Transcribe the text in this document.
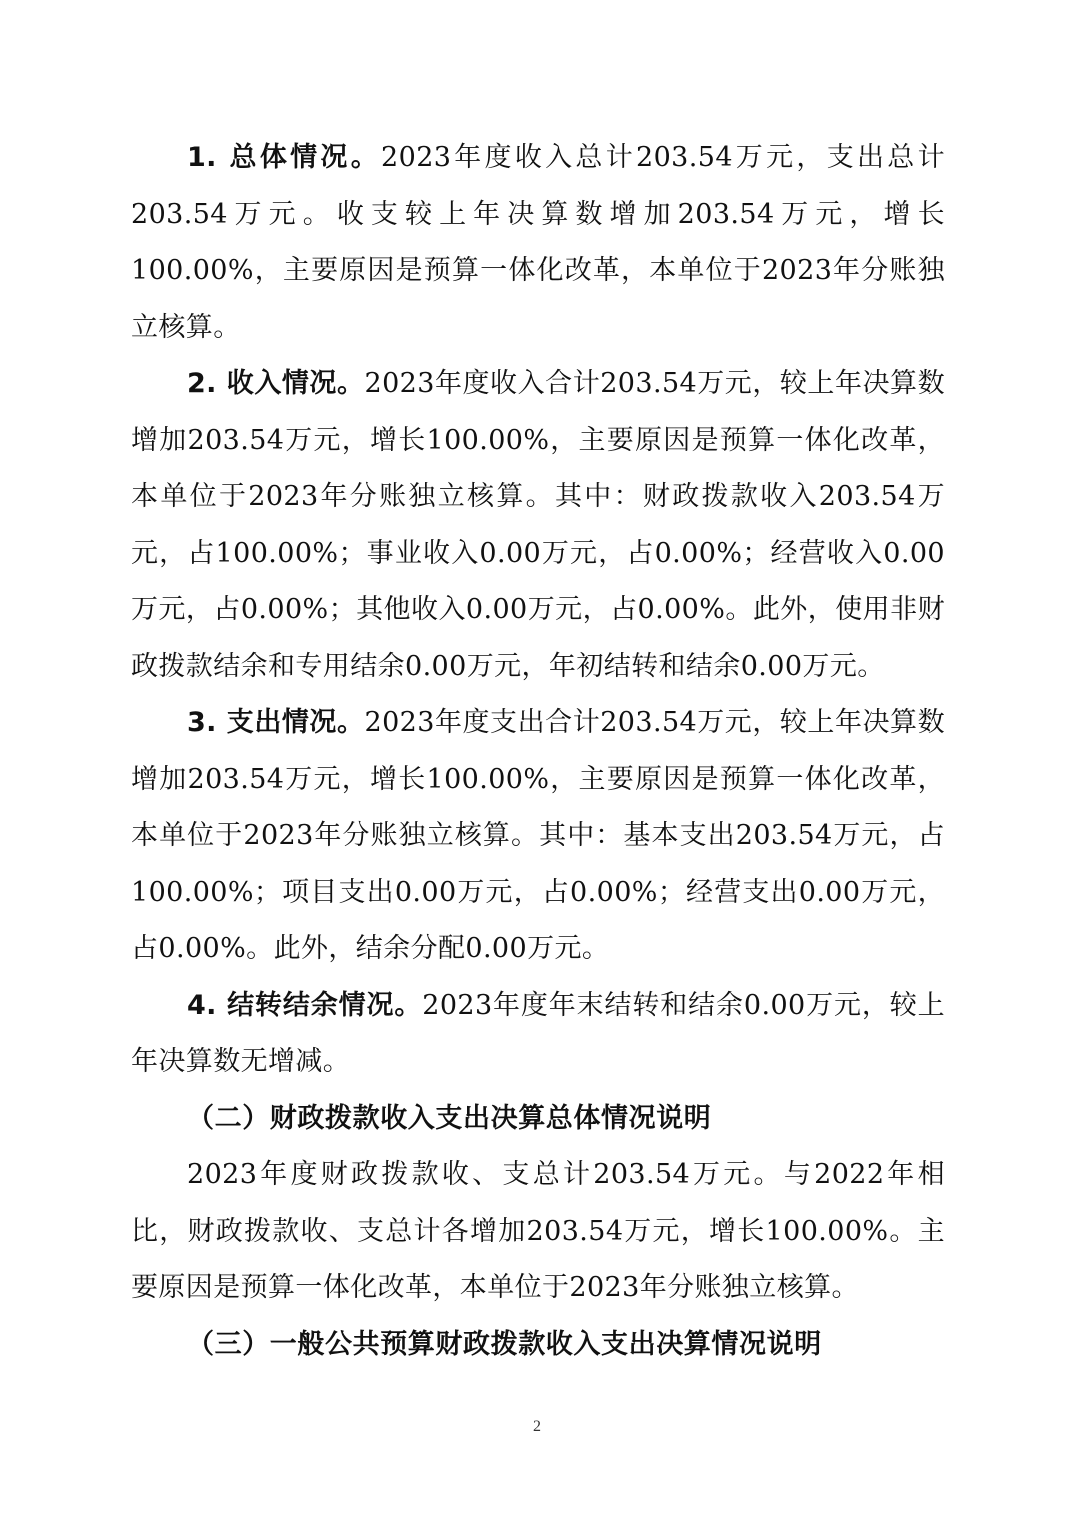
1. 总体情况。2023年度收入总计203.54万元，支出总计203.54万元。收支较上年决算数增加203.54万元，增长100.00%，主要原因是预算一体化改革，本单位于2023年分账独立核算。

2. 收入情况。2023年度收入合计203.54万元，较上年决算数增加203.54万元，增长100.00%，主要原因是预算一体化改革，本单位于2023年分账独立核算。其中：财政拨款收入203.54万元，占100.00%；事业收入0.00万元，占0.00%；经营收入0.00万元，占0.00%；其他收入0.00万元，占0.00%。此外，使用非财政拨款结余和专用结余0.00万元，年初结转和结余0.00万元。

3. 支出情况。2023年度支出合计203.54万元，较上年决算数增加203.54万元，增长100.00%，主要原因是预算一体化改革，本单位于2023年分账独立核算。其中：基本支出203.54万元，占100.00%；项目支出0.00万元，占0.00%；经营支出0.00万元，占0.00%。此外，结余分配0.00万元。

4. 结转结余情况。2023年度年末结转和结余0.00万元，较上年决算数无增减。

（二）财政拨款收入支出决算总体情况说明

2023年度财政拨款收、支总计203.54万元。与2022年相比，财政拨款收、支总计各增加203.54万元，增长100.00%。主要原因是预算一体化改革，本单位于2023年分账独立核算。

（三）一般公共预算财政拨款收入支出决算情况说明

2
